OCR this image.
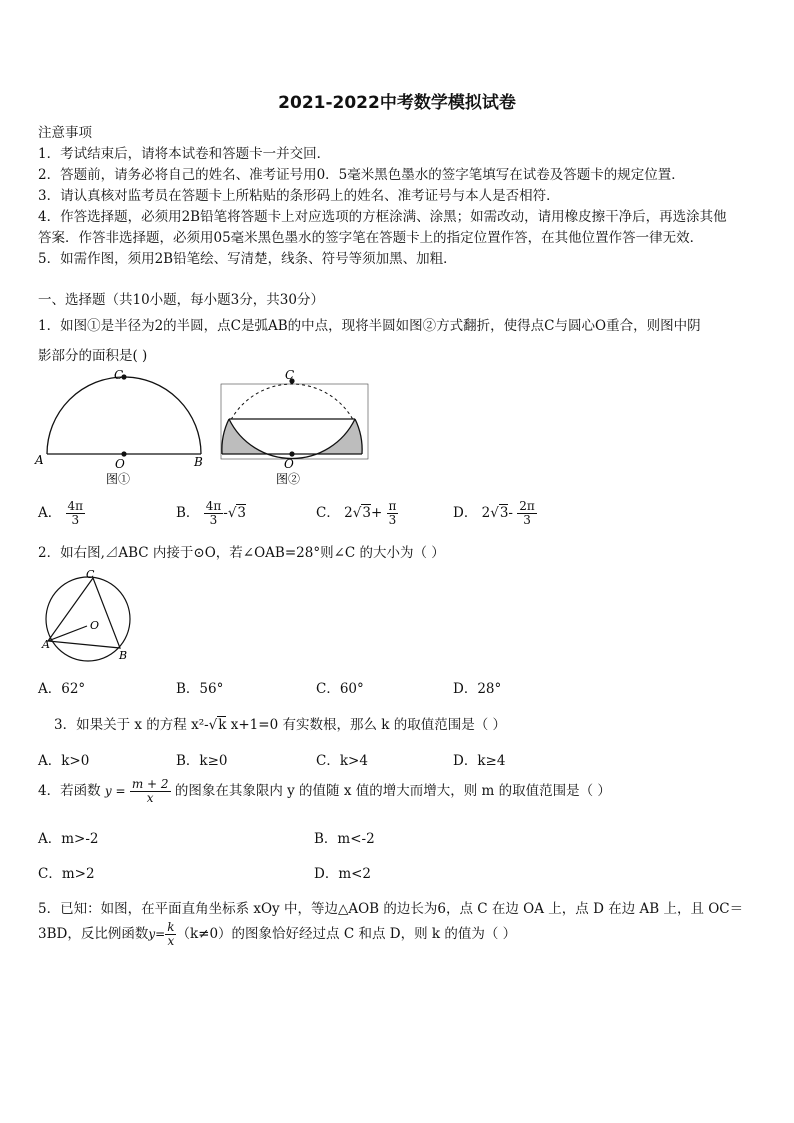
2021-2022中考数学模拟试卷
注意事项
1．考试结束后，请将本试卷和答题卡一并交回．
2．答题前，请务必将自己的姓名、准考证号用0．5毫米黑色墨水的签字笔填写在试卷及答题卡的规定位置．
3．请认真核对监考员在答题卡上所粘贴的条形码上的姓名、准考证号与本人是否相符．
4．作答选择题，必须用2B铅笔将答题卡上对应选项的方框涂满、涂黑；如需改动，请用橡皮擦干净后，再选涂其他
答案．作答非选择题，必须用05毫米黑色墨水的签字笔在答题卡上的指定位置作答，在其他位置作答一律无效．
5．如需作图，须用2B铅笔绘、写清楚，线条、符号等须加黑、加粗．
一、选择题（共10小题，每小题3分，共30分）
1．如图①是半径为2的半圆，点C是弧AB的中点，现将半圆如图②方式翻折，使得点C与圆心O重合，则图中阴
影部分的面积是( )
C
A	B
O
图①
C
O
图②
A． $\frac{4\pi}{3}$	B． $\frac{4\pi}{3} -√3$	C． $2√3+ \frac{\pi}{3}$	D． $2√3- \frac{2\pi}{3}$
2．如右图,⊿ABC 内接于⊙O，若∠OAB=28°则∠C 的大小为（ ）
C
A
B
O
A．62°	B．56°	C．60°	D．28°
3．如果关于 x 的方程 x²-√k x+1=0 有实数根，那么 k 的取值范围是（ ）
A．k>0	B．k≥0	C．k>4	D．k≥4
4．若函数 $y = \frac{m + 2}{x}$ 的图象在其象限内 y 的值随 x 值的增大而增大，则 m 的取值范围是（ ）
A．m>-2	B．m<-2
C．m>2	D．m<2
5．已知：如图，在平面直角坐标系 xOy 中，等边△AOB 的边长为6，点 C 在边 OA 上，点 D 在边 AB 上，且 OC＝
3BD，反比例函数$y= \frac{k}{x} (k\ne 0)$的图象恰好经过点 C 和点 D，则 k 的值为（ ）
